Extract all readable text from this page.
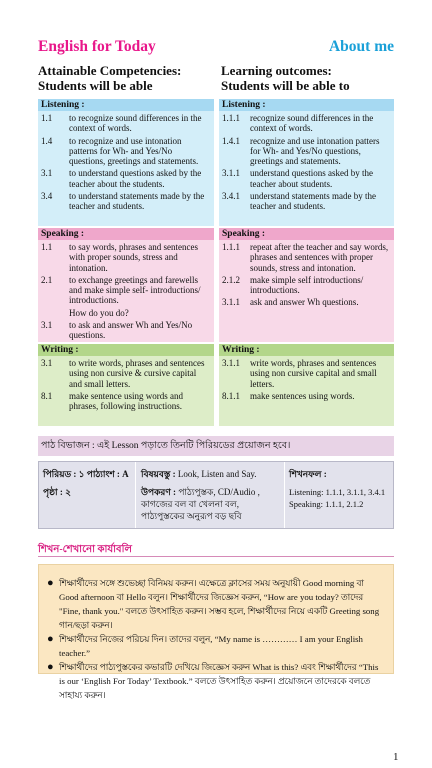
English for Today	About me
Attainable Competencies:
Students will be able
Learning outcomes:
Students will be able to
Listening :
1.1	to recognize sound differences in the context of words.
1.4	to recognize and use intonation patterns for Wh- and Yes/No questions, greetings and statements.
3.1	to understand questions asked by the teacher about the students.
3.4	to understand statements made by the teacher and students.
Listening :
1.1.1	recognize sound differences in the context of words.
1.4.1	recognize and use intonation patters for Wh- and Yes/No questions, greetings and statements.
3.1.1	understand questions asked by the teacher about students.
3.4.1	understand statements made by the teacher and students.
Speaking :
1.1	to say words, phrases and sentences with proper sounds, stress and intonation.
2.1	to exchange greetings and farewells and make simple self- introductions/ introductions.
How do you do?
3.1	to ask and answer Wh and Yes/No questions.
Speaking :
1.1.1	repeat after the teacher and say words, phrases and sentences with proper sounds, stress and intonation.
2.1.2	make simple self introductions/ introductions.
3.1.1	ask and answer Wh questions.
Writing :
3.1	to write words, phrases and sentences using non cursive & cursive capital and small letters.
8.1	make sentence using words and phrases, following instructions.
Writing :
3.1.1	write words, phrases and sentences using non cursive capital and small letters.
8.1.1	make sentences using words.
পাঠ বিভাজন : এই Lesson পড়াতে তিনটি পিরিয়ডের প্রয়োজন হবে।
পিরিয়ড : ১ পাঠ্যাংশ : A
পৃষ্ঠা : ২
বিষয়বস্তু : Look, Listen and Say.
উপকরণ : পাঠ্যপুস্তক, CD/Audio , কাগজের বল বা খেলনা বল, পাঠ্যপুস্তকের অনুরূপ বড় ছবি
শিখনফল :
Listening: 1.1.1, 3.1.1, 3.4.1
Speaking: 1.1.1, 2.1.2
শিখন-শেখানো কার্যাবলি
● শিক্ষার্থীদের সঙ্গে শুভেচ্ছা বিনিময় করুন। এক্ষেত্রে ক্লাসের সময় অনুযায়ী Good morning বা Good afternoon বা Hello বলুন। শিক্ষার্থীদের জিজ্ঞেস করুন, “How are you today? তাদের "Fine, thank you." বলতে উৎসাহিত করুন। সম্ভব হলে, শিক্ষার্থীদের নিয়ে একটি Greeting song গান/ছড়া করুন।
● শিক্ষার্থীদের নিজের পরিচয় দিন। তাদের বলুন, “My name is ………… I am your English teacher.”
● শিক্ষার্থীদের পাঠ্যপুস্তকের কভারটি দেখিয়ে জিজ্ঞেস করুন What is this? এবং শিক্ষার্থীদের “This is our ‘English For Today’ Textbook.” বলতে উৎসাহিত করুন। প্রয়োজনে তাদেরকে বলতে সাহায্য করুন।
1
